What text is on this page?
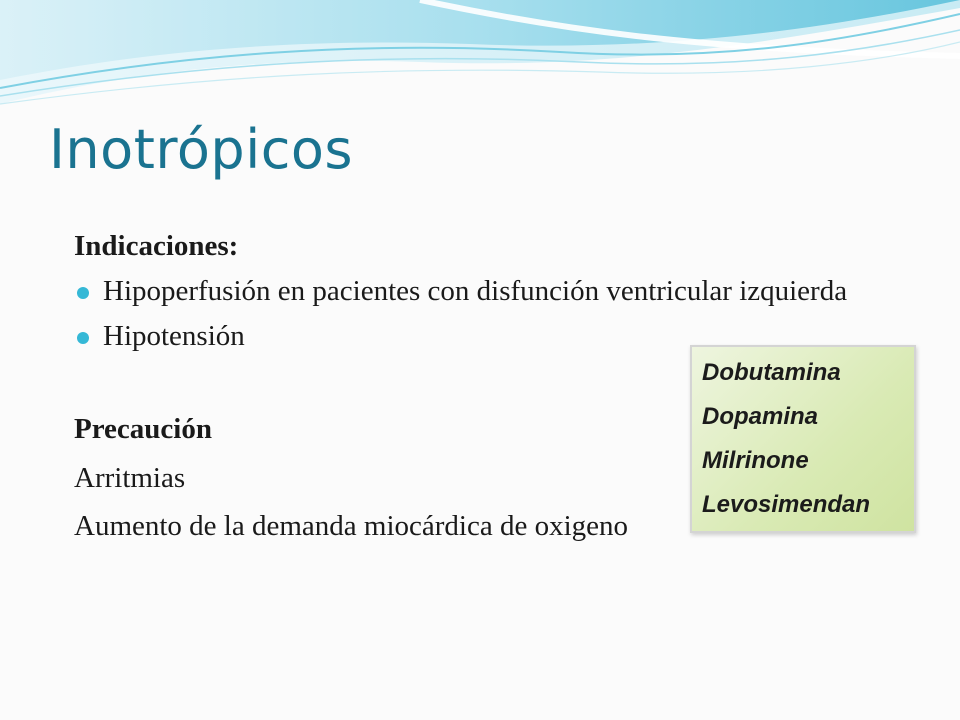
Inotrópicos

Indicaciones:

Hipoperfusión en pacientes con disfunción ventricular izquierda
Hipotensión

Precaución

Arritmias

Aumento de la demanda miocárdica de oxigeno

Dobutamina
Dopamina
Milrinone
Levosimendan
